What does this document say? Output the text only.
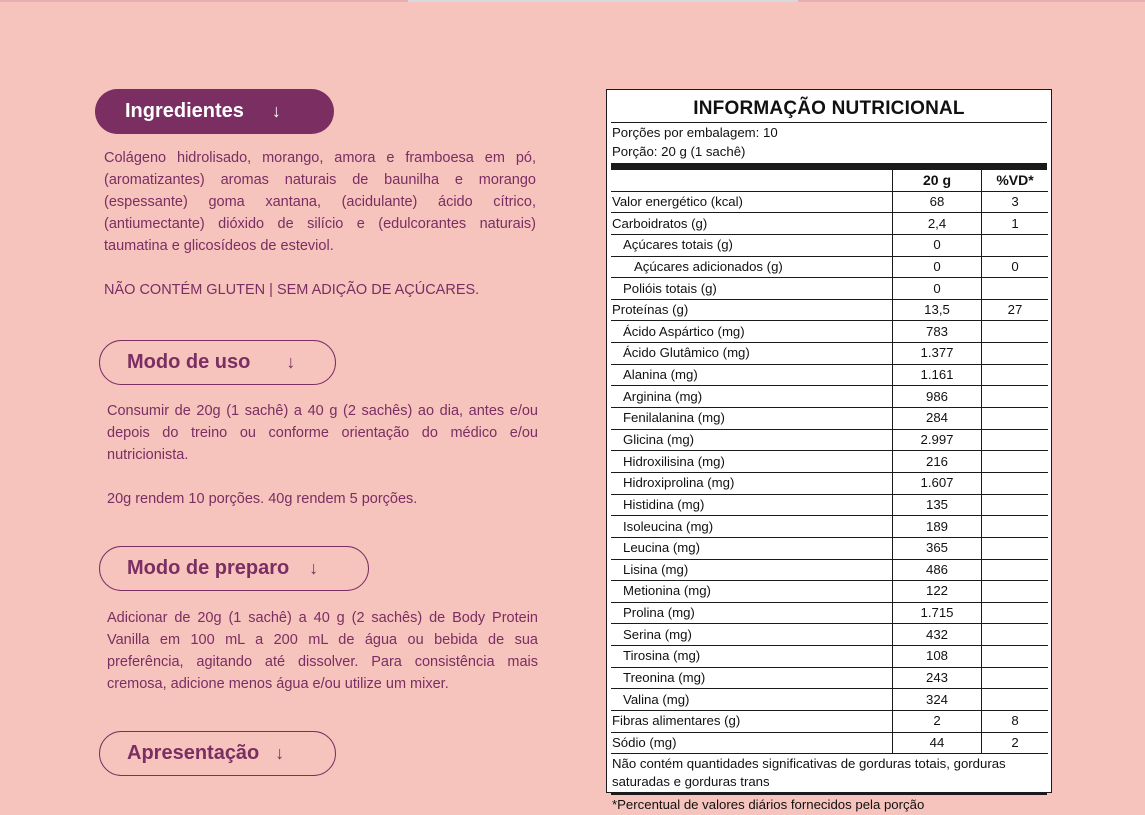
Ingredientes ↓

Colágeno hidrolisado, morango, amora e framboesa em pó, (aromatizantes) aromas naturais de baunilha e morango (espessante) goma xantana, (acidulante) ácido cítrico, (antiumectante) dióxido de silício e (edulcorantes naturais) taumatina e glicosídeos de esteviol.

NÃO CONTÉM GLUTEN | SEM ADIÇÃO DE AÇÚCARES.

Modo de uso ↓

Consumir de 20g (1 sachê) a 40 g (2 sachês) ao dia, antes e/ou depois do treino ou conforme orientação do médico e/ou nutricionista.

20g rendem 10 porções. 40g rendem 5 porções.

Modo de preparo ↓

Adicionar de 20g (1 sachê) a 40 g (2 sachês) de Body Protein Vanilla em 100 mL a 200 mL de água ou bebida de sua preferência, agitando até dissolver. Para consistência mais cremosa, adicione menos água e/ou utilize um mixer.

Apresentação ↓
INFORMAÇÃO NUTRICIONAL
Porções por embalagem: 10
Porção: 20 g (1 sachê)
	20 g	%VD*
Valor energético (kcal)	68	3
Carboidratos (g)	2,4	1
Açúcares totais (g)	0	
Açúcares adicionados (g)	0	0
Polióis totais (g)	0	
Proteínas (g)	13,5	27
Ácido Aspártico (mg)	783	
Ácido Glutâmico (mg)	1.377	
Alanina (mg)	1.161	
Arginina (mg)	986	
Fenilalanina (mg)	284	
Glicina (mg)	2.997	
Hidroxilisina (mg)	216	
Hidroxiprolina (mg)	1.607	
Histidina (mg)	135	
Isoleucina (mg)	189	
Leucina (mg)	365	
Lisina (mg)	486	
Metionina (mg)	122	
Prolina (mg)	1.715	
Serina (mg)	432	
Tirosina (mg)	108	
Treonina (mg)	243	
Valina (mg)	324	
Fibras alimentares (g)	2	8
Sódio (mg)	44	2
Não contém quantidades significativas de gorduras totais, gorduras saturadas e gorduras trans
*Percentual de valores diários fornecidos pela porção
